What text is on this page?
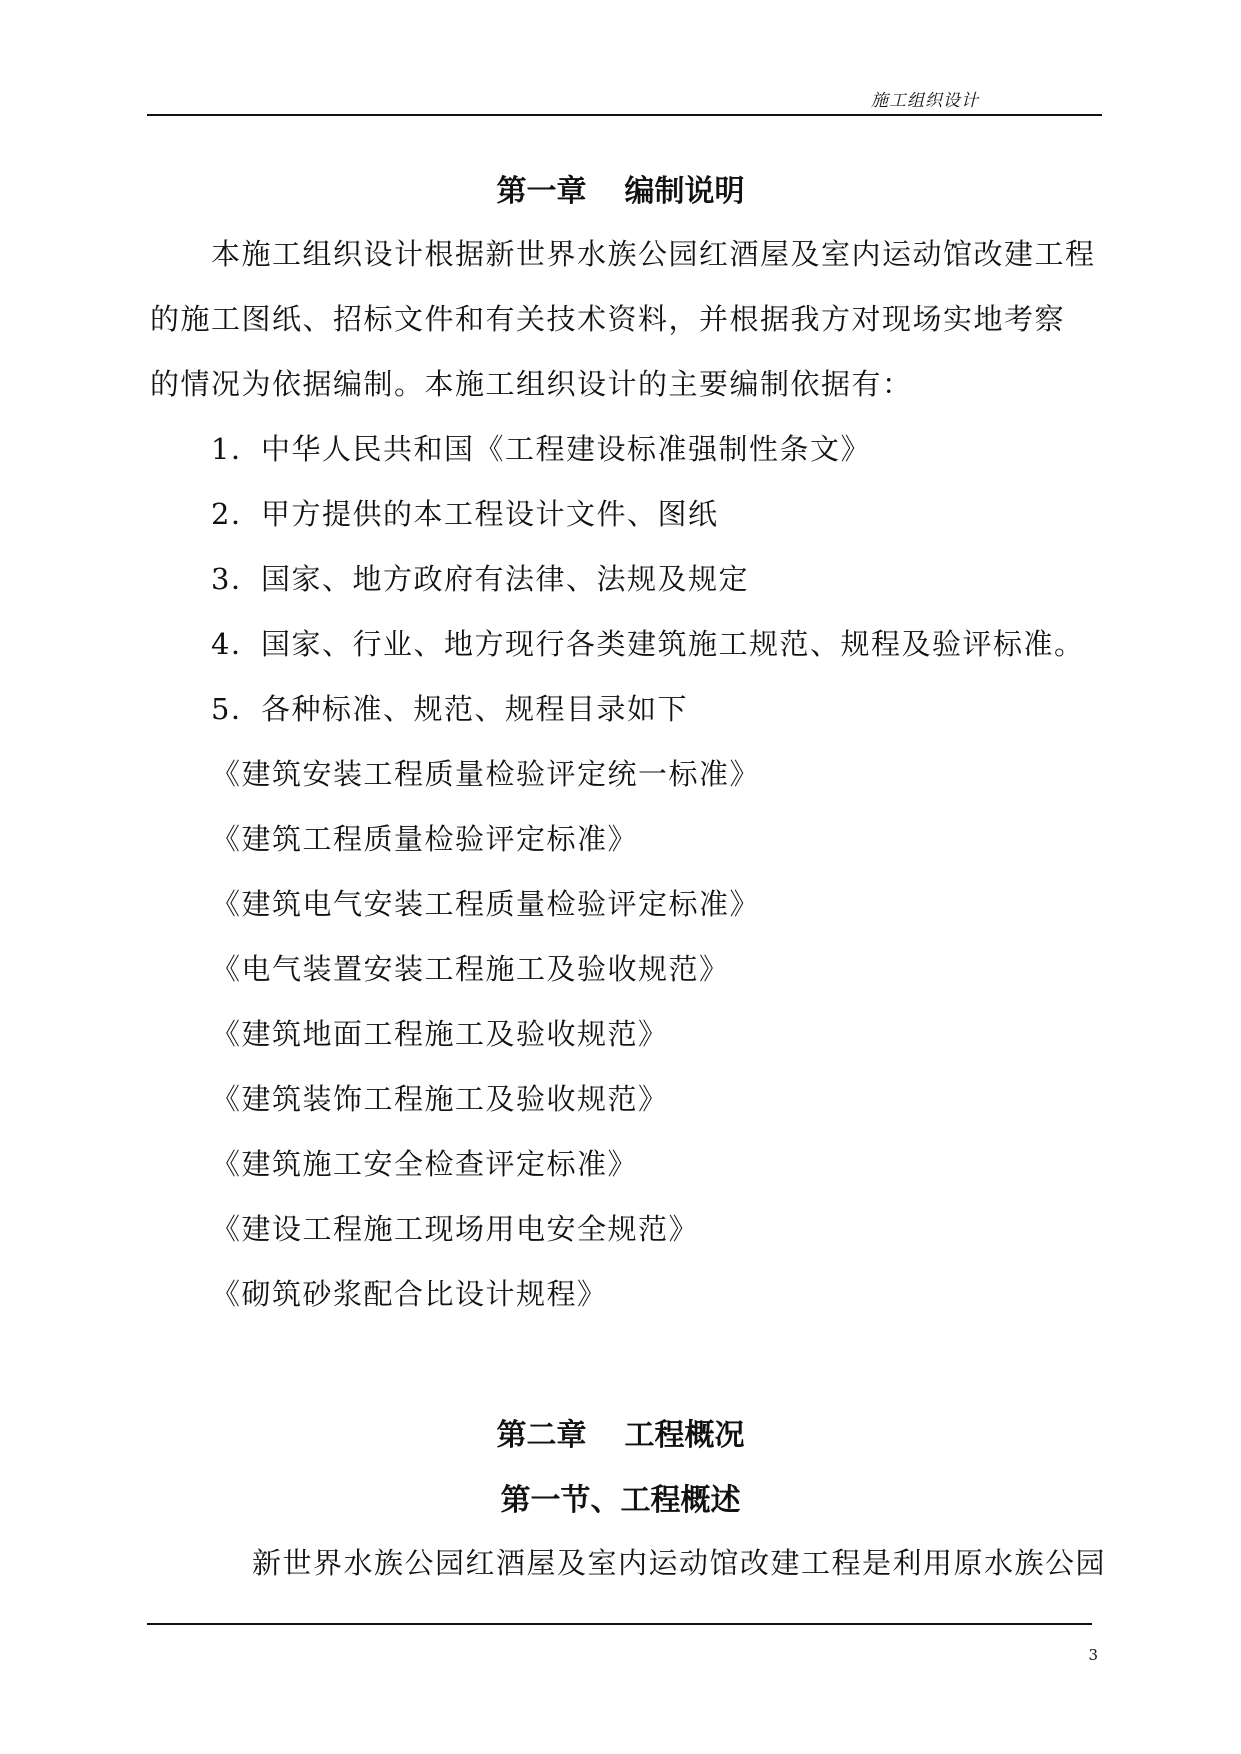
施工组织设计
第一章 编制说明
本施工组织设计根据新世界水族公园红酒屋及室内运动馆改建工程
的施工图纸、招标文件和有关技术资料，并根据我方对现场实地考察
的情况为依据编制。本施工组织设计的主要编制依据有：
1．中华人民共和国《工程建设标准强制性条文》
2．甲方提供的本工程设计文件、图纸
3．国家、地方政府有法律、法规及规定
4．国家、行业、地方现行各类建筑施工规范、规程及验评标准。
5．各种标准、规范、规程目录如下
《建筑安装工程质量检验评定统一标准》
《建筑工程质量检验评定标准》
《建筑电气安装工程质量检验评定标准》
《电气装置安装工程施工及验收规范》
《建筑地面工程施工及验收规范》
《建筑装饰工程施工及验收规范》
《建筑施工安全检查评定标准》
《建设工程施工现场用电安全规范》
《砌筑砂浆配合比设计规程》
第二章 工程概况
第一节、工程概述
新世界水族公园红酒屋及室内运动馆改建工程是利用原水族公园
3
